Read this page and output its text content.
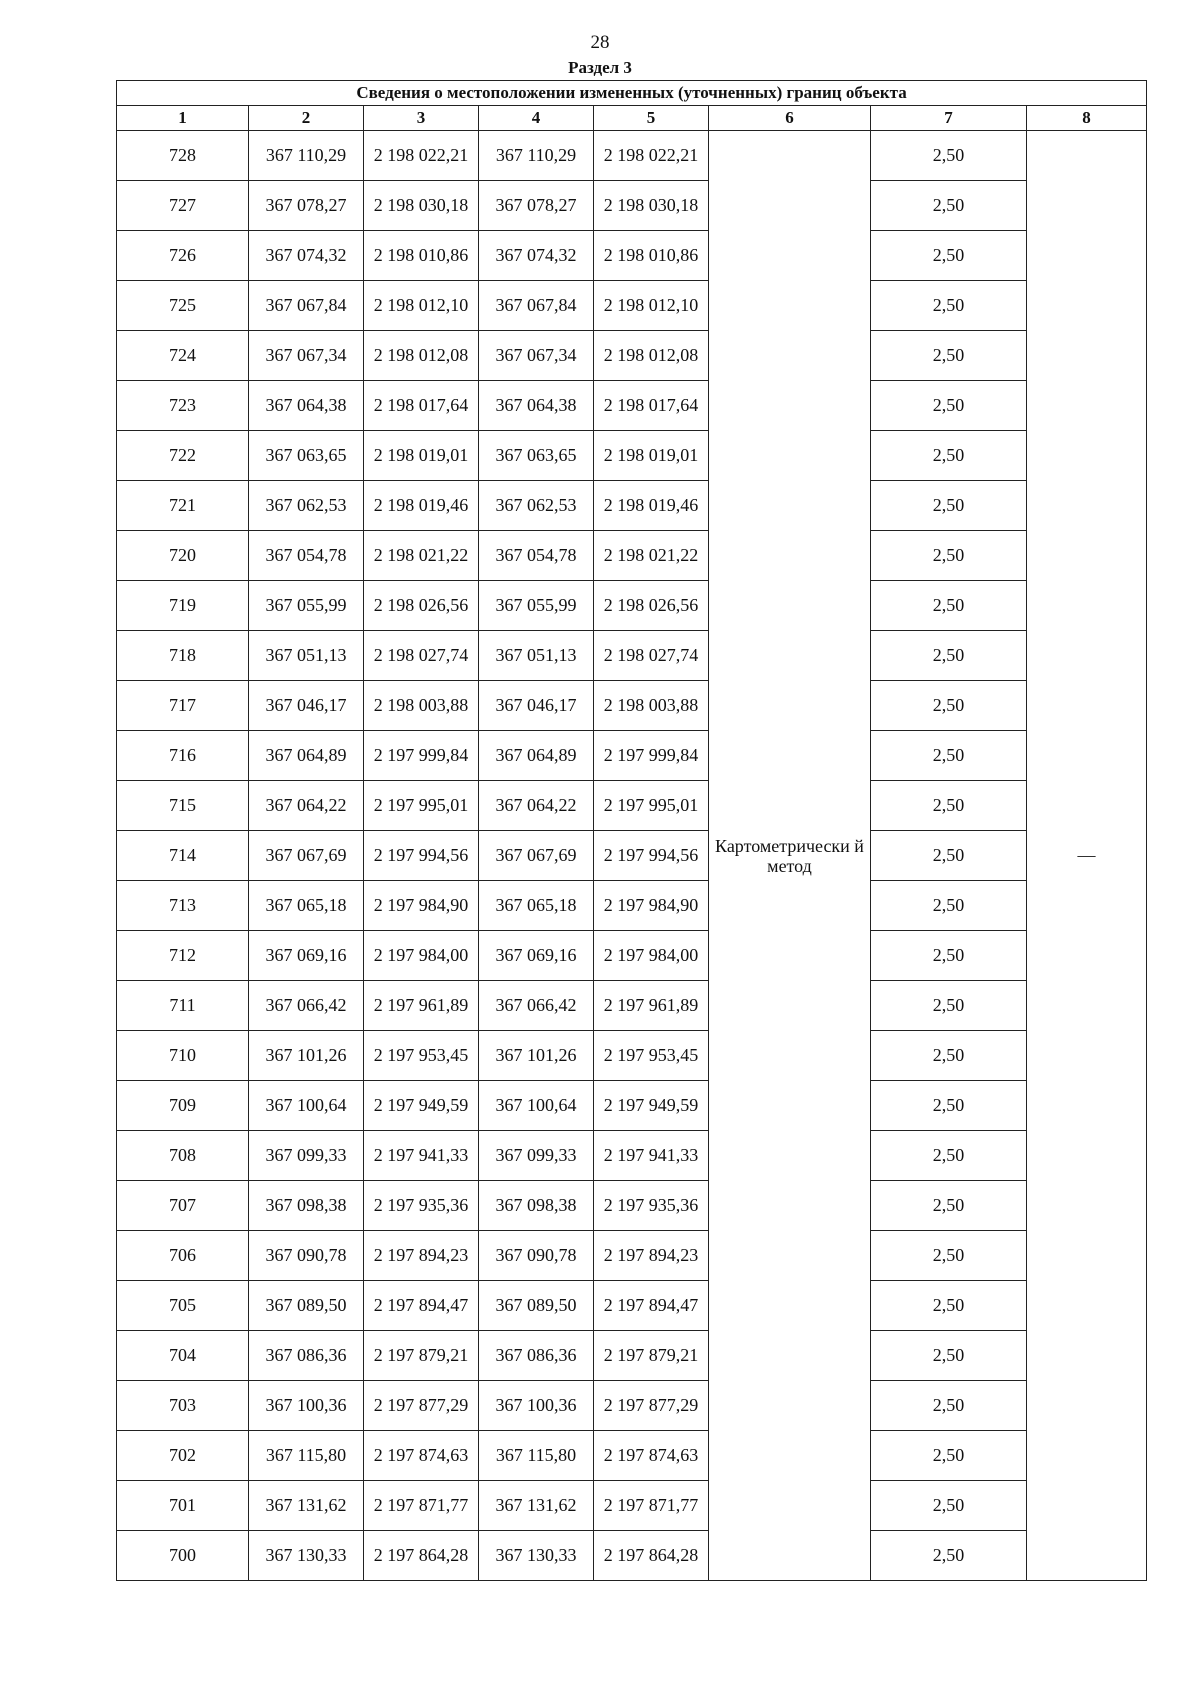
28
Раздел 3
Сведения о местоположении измененных (уточненных) границ объекта							
1	2	3	4	5	6	7	8
728	367 110,29	2 198 022,21	367 110,29	2 198 022,21	Картометрически й метод	2,50	—
727	367 078,27	2 198 030,18	367 078,27	2 198 030,18		2,50	
726	367 074,32	2 198 010,86	367 074,32	2 198 010,86		2,50	
725	367 067,84	2 198 012,10	367 067,84	2 198 012,10		2,50	
724	367 067,34	2 198 012,08	367 067,34	2 198 012,08		2,50	
723	367 064,38	2 198 017,64	367 064,38	2 198 017,64		2,50	
722	367 063,65	2 198 019,01	367 063,65	2 198 019,01		2,50	
721	367 062,53	2 198 019,46	367 062,53	2 198 019,46		2,50	
720	367 054,78	2 198 021,22	367 054,78	2 198 021,22		2,50	
719	367 055,99	2 198 026,56	367 055,99	2 198 026,56		2,50	
718	367 051,13	2 198 027,74	367 051,13	2 198 027,74		2,50	
717	367 046,17	2 198 003,88	367 046,17	2 198 003,88		2,50	
716	367 064,89	2 197 999,84	367 064,89	2 197 999,84		2,50	
715	367 064,22	2 197 995,01	367 064,22	2 197 995,01		2,50	
714	367 067,69	2 197 994,56	367 067,69	2 197 994,56		2,50	
713	367 065,18	2 197 984,90	367 065,18	2 197 984,90		2,50	
712	367 069,16	2 197 984,00	367 069,16	2 197 984,00		2,50	
711	367 066,42	2 197 961,89	367 066,42	2 197 961,89		2,50	
710	367 101,26	2 197 953,45	367 101,26	2 197 953,45		2,50	
709	367 100,64	2 197 949,59	367 100,64	2 197 949,59		2,50	
708	367 099,33	2 197 941,33	367 099,33	2 197 941,33		2,50	
707	367 098,38	2 197 935,36	367 098,38	2 197 935,36		2,50	
706	367 090,78	2 197 894,23	367 090,78	2 197 894,23		2,50	
705	367 089,50	2 197 894,47	367 089,50	2 197 894,47		2,50	
704	367 086,36	2 197 879,21	367 086,36	2 197 879,21		2,50	
703	367 100,36	2 197 877,29	367 100,36	2 197 877,29		2,50	
702	367 115,80	2 197 874,63	367 115,80	2 197 874,63		2,50	
701	367 131,62	2 197 871,77	367 131,62	2 197 871,77		2,50	
700	367 130,33	2 197 864,28	367 130,33	2 197 864,28		2,50	
